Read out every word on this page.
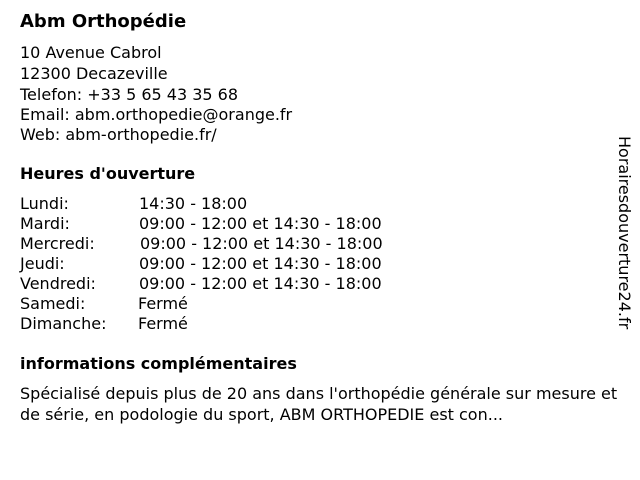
Abm Orthopédie
10 Avenue Cabrol
12300 Decazeville
Telefon: +33 5 65 43 35 68
Email: abm.orthopedie@orange.fr
Web: abm-orthopedie.fr/
Heures d'ouverture
Lundi:	14:30 - 18:00
Mardi:	09:00 - 12:00 et 14:30 - 18:00
Mercredi:	09:00 - 12:00 et 14:30 - 18:00
Jeudi:	09:00 - 12:00 et 14:30 - 18:00
Vendredi:	09:00 - 12:00 et 14:30 - 18:00
Samedi:	Fermé
Dimanche: Fermé
informations complémentaires
Spécialisé depuis plus de 20 ans dans l'orthopédie générale sur mesure et de série, en podologie du sport, ABM ORTHOPEDIE est con...
Horairesdouverture24.fr
